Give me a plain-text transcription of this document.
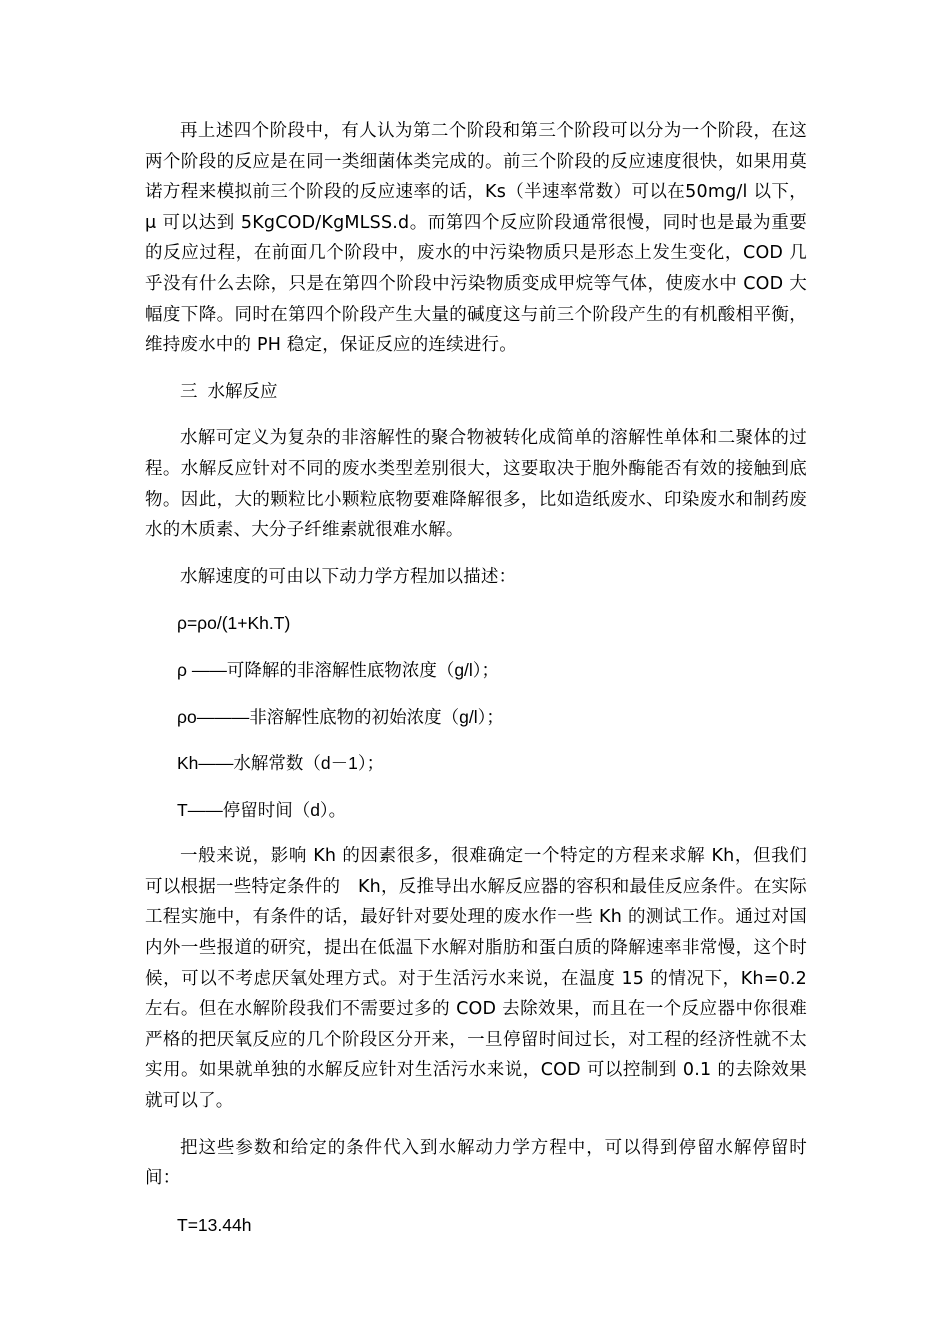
再上述四个阶段中，有人认为第二个阶段和第三个阶段可以分为一个阶段，在这两个阶段的反应是在同一类细菌体类完成的。前三个阶段的反应速度很快，如果用莫诺方程来模拟前三个阶段的反应速率的话，Ks（半速率常数）可以在50mg/l 以下，μ 可以达到 5KgCOD/KgMLSS.d。而第四个反应阶段通常很慢，同时也是最为重要的反应过程，在前面几个阶段中，废水的中污染物质只是形态上发生变化，COD 几乎没有什么去除，只是在第四个阶段中污染物质变成甲烷等气体，使废水中 COD 大幅度下降。同时在第四个阶段产生大量的碱度这与前三个阶段产生的有机酸相平衡，维持废水中的 PH 稳定，保证反应的连续进行。

三 水解反应

水解可定义为复杂的非溶解性的聚合物被转化成简单的溶解性单体和二聚体的过程。水解反应针对不同的废水类型差别很大，这要取决于胞外酶能否有效的接触到底物。因此，大的颗粒比小颗粒底物要难降解很多，比如造纸废水、印染废水和制药废水的木质素、大分子纤维素就很难水解。

水解速度的可由以下动力学方程加以描述：

ρ=ρo/(1+Kh.T)
ρ ——可降解的非溶解性底物浓度（g/l）；
ρo———非溶解性底物的初始浓度（g/l）；
Kh——水解常数（d－1）；
T——停留时间（d）。

一般来说，影响 Kh 的因素很多，很难确定一个特定的方程来求解 Kh，但我们可以根据一些特定条件的　Kh，反推导出水解反应器的容积和最佳反应条件。在实际工程实施中，有条件的话，最好针对要处理的废水作一些 Kh 的测试工作。通过对国内外一些报道的研究，提出在低温下水解对脂肪和蛋白质的降解速率非常慢，这个时候，可以不考虑厌氧处理方式。对于生活污水来说，在温度 15 的情况下，Kh=0.2 左右。但在水解阶段我们不需要过多的 COD 去除效果，而且在一个反应器中你很难严格的把厌氧反应的几个阶段区分开来，一旦停留时间过长，对工程的经济性就不太实用。如果就单独的水解反应针对生活污水来说，COD 可以控制到 0.1 的去除效果就可以了。

把这些参数和给定的条件代入到水解动力学方程中，可以得到停留水解停留时间：

T=13.44h
